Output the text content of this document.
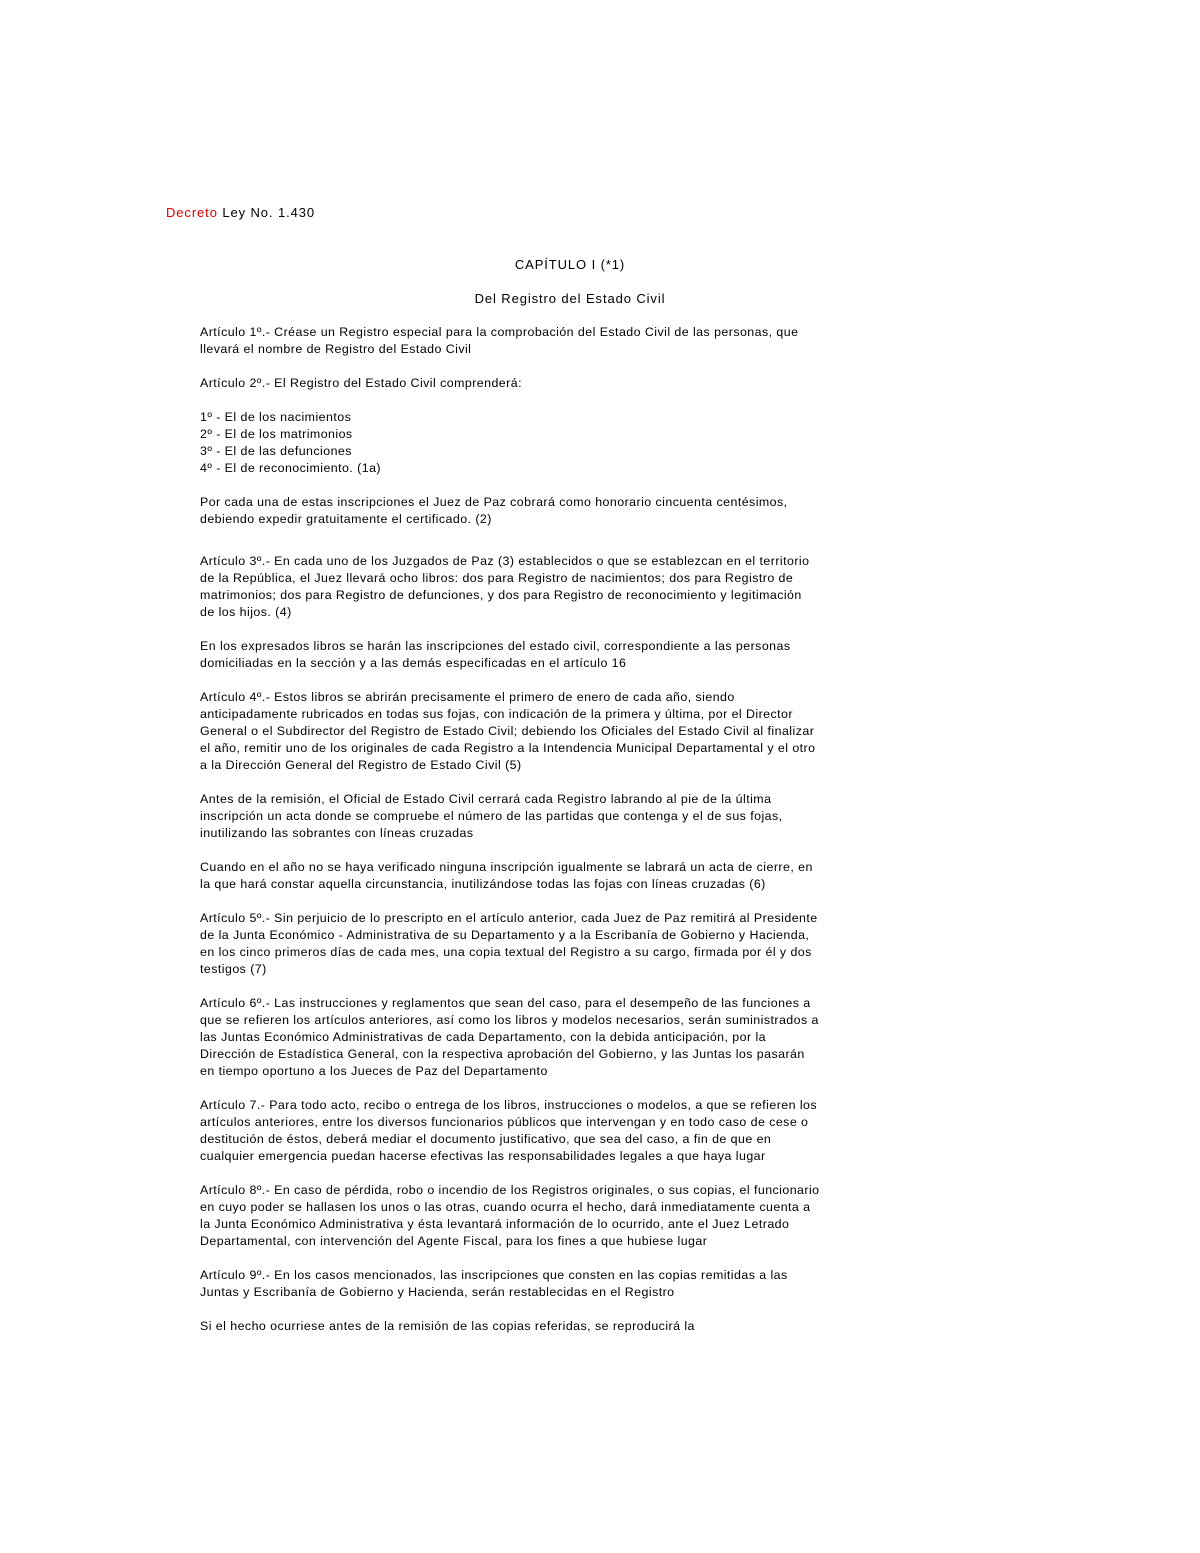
Decreto Ley No. 1.430
CAPÍTULO I (*1)
Del Registro del Estado Civil

Artículo 1º.- Créase un Registro especial para la comprobación del Estado Civil de las personas, que llevará el nombre de Registro del Estado Civil

Artículo 2º.- El Registro del Estado Civil comprenderá:

1º - El de los nacimientos

2º - El de los matrimonios

3º - El de las defunciones

4º - El de reconocimiento. (1a)

Por cada una de estas inscripciones el Juez de Paz cobrará como honorario cincuenta centésimos, debiendo expedir gratuitamente el certificado. (2)

Artículo 3º.- En cada uno de los Juzgados de Paz (3) establecidos o que se establezcan en el territorio de la República, el Juez llevará ocho libros: dos para Registro de nacimientos; dos para Registro de matrimonios; dos para Registro de defunciones, y dos para Registro de reconocimiento y legitimación de los hijos. (4)

En los expresados libros se harán las inscripciones del estado civil, correspondiente a las personas domiciliadas en la sección y a las demás especificadas en el artículo 16

Artículo 4º.- Estos libros se abrirán precisamente el primero de enero de cada año, siendo anticipadamente rubricados en todas sus fojas, con indicación de la primera y última, por el Director General o el Subdirector del Registro de Estado Civil; debiendo los Oficiales del Estado Civil al finalizar el año, remitir uno de los originales de cada Registro a la Intendencia Municipal Departamental y el otro a la Dirección General del Registro de Estado Civil (5)

Antes de la remisión, el Oficial de Estado Civil cerrará cada Registro labrando al pie de la última inscripción un acta donde se compruebe el número de las partidas que contenga y el de sus fojas, inutilizando las sobrantes con líneas cruzadas

Cuando en el año no se haya verificado ninguna inscripción igualmente se labrará un acta de cierre, en la que hará constar aquella circunstancia, inutilizándose todas las fojas con líneas cruzadas (6)

Artículo 5º.- Sin perjuicio de lo prescripto en el artículo anterior, cada Juez de Paz remitirá al Presidente de la Junta Económico - Administrativa de su Departamento y a la Escribanía de Gobierno y Hacienda, en los cinco primeros días de cada mes, una copia textual del Registro a su cargo, firmada por él y dos testigos (7)

Artículo 6º.- Las instrucciones y reglamentos que sean del caso, para el desempeño de las funciones a que se refieren los artículos anteriores, así como los libros y modelos necesarios, serán suministrados a las Juntas Económico Administrativas de cada Departamento, con la debida anticipación, por la Dirección de Estadística General, con la respectiva aprobación del Gobierno, y las Juntas los pasarán en tiempo oportuno a los Jueces de Paz del Departamento

Artículo 7.- Para todo acto, recibo o entrega de los libros, instrucciones o modelos, a que se refieren los artículos anteriores, entre los diversos funcionarios públicos que intervengan y en todo caso de cese o destitución de éstos, deberá mediar el documento justificativo, que sea del caso, a fin de que en cualquier emergencia puedan hacerse efectivas las responsabilidades legales a que haya lugar

Artículo 8º.- En caso de pérdida, robo o incendio de los Registros originales, o sus copias, el funcionario en cuyo poder se hallasen los unos o las otras, cuando ocurra el hecho, dará inmediatamente cuenta a la Junta Económico Administrativa y ésta levantará información de lo ocurrido, ante el Juez Letrado Departamental, con intervención del Agente Fiscal, para los fines a que hubiese lugar

Artículo 9º.- En los casos mencionados, las inscripciones que consten en las copias remitidas a las Juntas y Escribanía de Gobierno y Hacienda, serán restablecidas en el Registro

Si el hecho ocurriese antes de la remisión de las copias referidas, se reproducirá la
